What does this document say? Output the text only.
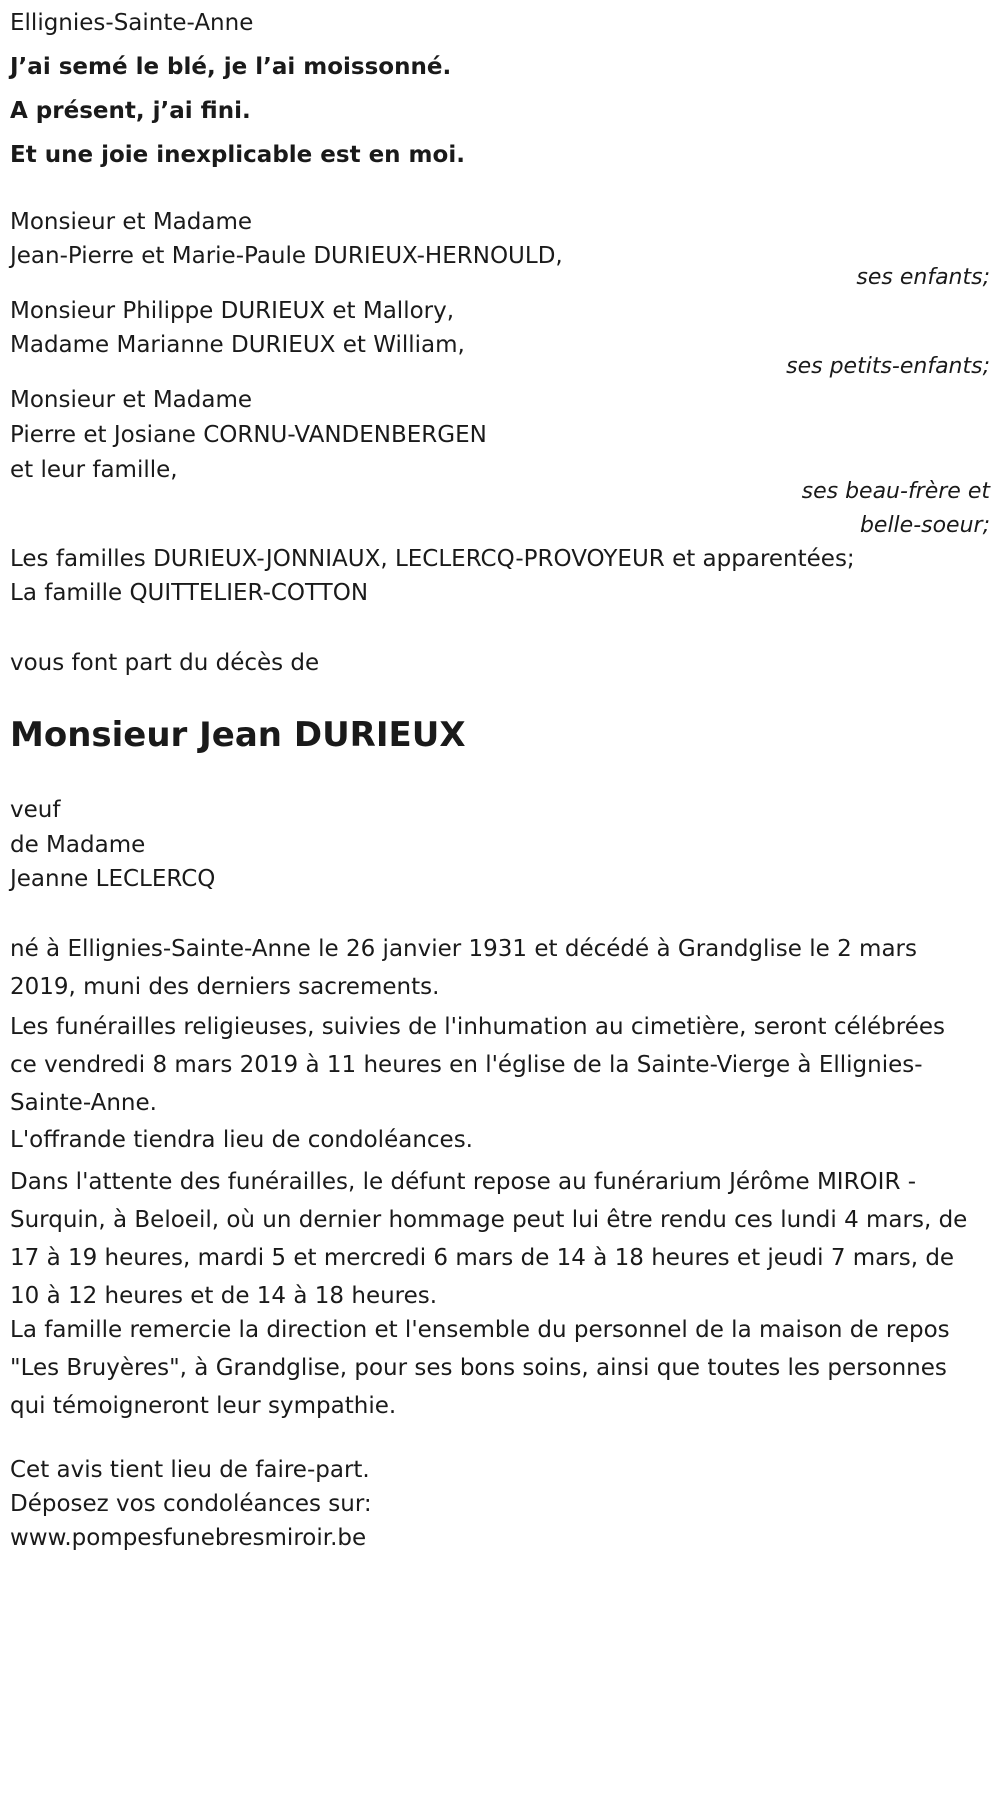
Ellignies-Sainte-Anne

J’ai semé le blé, je l’ai moissonné.

A présent, j’ai fini.

Et une joie inexplicable est en moi.

Monsieur et Madame

Jean-Pierre et Marie-Paule DURIEUX-HERNOULD,

ses enfants;

Monsieur Philippe DURIEUX et Mallory,

Madame Marianne DURIEUX et William,

ses petits-enfants;

Monsieur et Madame

Pierre et Josiane CORNU-VANDENBERGEN

et leur famille,

ses beau-frère et

belle-soeur;

Les familles DURIEUX-JONNIAUX, LECLERCQ-PROVOYEUR et apparentées;

La famille QUITTELIER-COTTON

vous font part du décès de

Monsieur Jean DURIEUX

veuf

de Madame

Jeanne LECLERCQ

né à Ellignies-Sainte-Anne le 26 janvier 1931 et décédé à Grandglise le 2 mars 2019, muni des derniers sacrements.

Les funérailles religieuses, suivies de l'inhumation au cimetière, seront célébrées ce vendredi 8 mars 2019 à 11 heures en l'église de la Sainte-Vierge à Ellignies-Sainte-Anne.

L'offrande tiendra lieu de condoléances.

Dans l'attente des funérailles, le défunt repose au funérarium Jérôme MIROIR - Surquin, à Beloeil, où un dernier hommage peut lui être rendu ces lundi 4 mars, de 17 à 19 heures, mardi 5 et mercredi 6 mars de 14 à 18 heures et jeudi 7 mars, de 10 à 12 heures et de 14 à 18 heures.

La famille remercie la direction et l'ensemble du personnel de la maison de repos "Les Bruyères", à Grandglise, pour ses bons soins, ainsi que toutes les personnes qui témoigneront leur sympathie.

Cet avis tient lieu de faire-part.

Déposez vos condoléances sur:

www.pompesfunebresmiroir.be
